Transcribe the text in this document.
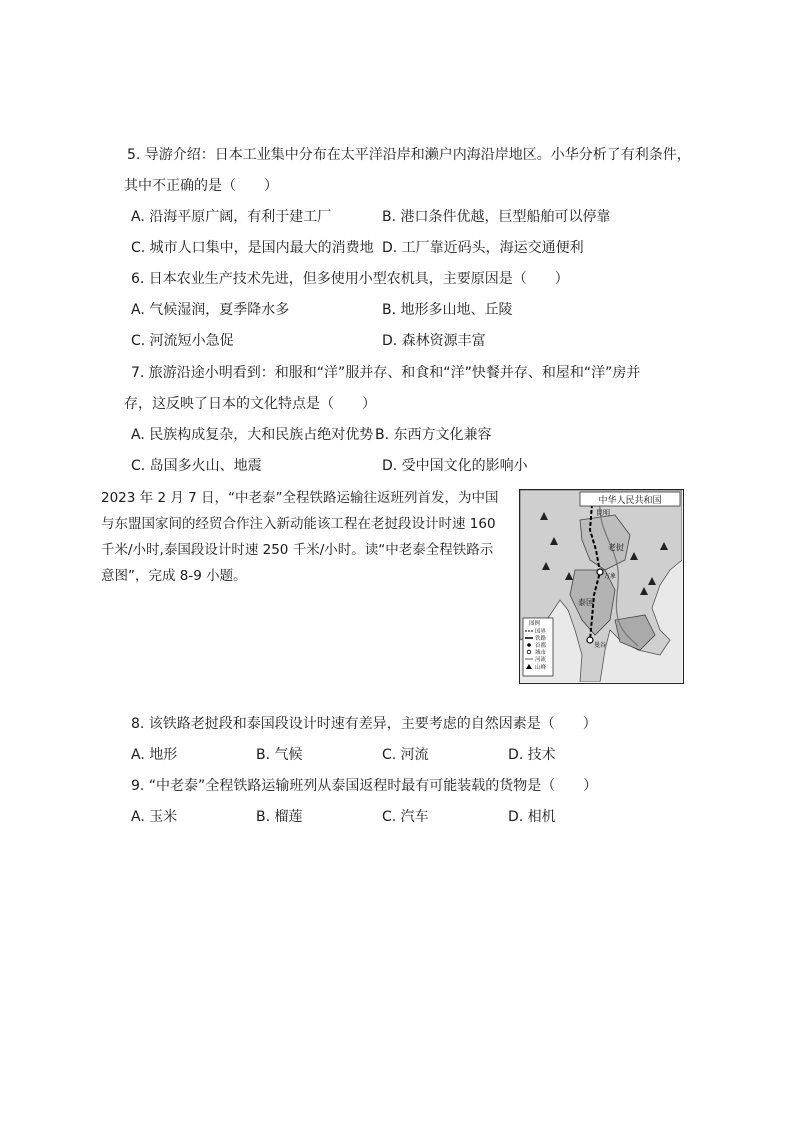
5. 导游介绍：日本工业集中分布在太平洋沿岸和濑户内海沿岸地区。小华分析了有利条件，
其中不正确的是（　　）
A. 沿海平原广阔，有利于建工厂	B. 港口条件优越，巨型船舶可以停靠
C. 城市人口集中，是国内最大的消费地 D. 工厂靠近码头，海运交通便利
6. 日本农业生产技术先进，但多使用小型农机具，主要原因是（　　）
A. 气候湿润，夏季降水多	B. 地形多山地、丘陵
C. 河流短小急促	D. 森林资源丰富
7. 旅游沿途小明看到：和服和“洋”服并存、和食和“洋”快餐并存、和屋和“洋”房并
存，这反映了日本的文化特点是（　　）
A. 民族构成复杂，大和民族占绝对优势 B. 东西方文化兼容
C. 岛国多火山、地震	D. 受中国文化的影响小
2023 年 2 月 7 日，“中老泰”全程铁路运输往返班列首发，为中国
与东盟国家间的经贸合作注入新动能该工程在老挝段设计时速 160
千米/小时,泰国段设计时速 250 千米/小时。读“中老泰全程铁路示
意图”，完成 8-9 小题。
中华人民共和国
昆明
老挝
泰国
万象
曼谷
图例
国界
铁路
首都
城市
河流
山峰
8. 该铁路老挝段和泰国段设计时速有差异，主要考虑的自然因素是（　　）
A. 地形	B. 气候	C. 河流	D. 技术
9. “中老泰”全程铁路运输班列从泰国返程时最有可能装载的货物是（　　）
A. 玉米	B. 榴莲	C. 汽车	D. 相机
